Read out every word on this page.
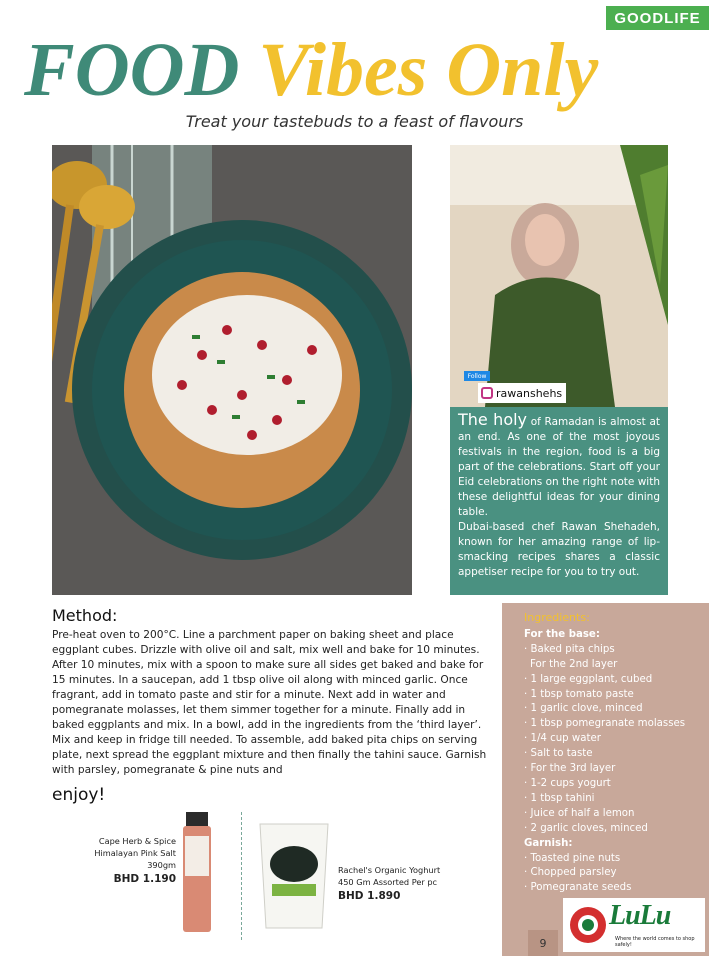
GOODLIFE
FOOD Vibes Only
Treat your tastebuds to a feast of flavours
Follow
rawanshehs

The holy of Ramadan is almost at an end. As one of the most joyous festivals in the region, food is a big part of the celebrations. Start off your Eid celebrations on the right note with these delightful ideas for your dining table.

Dubai-based chef Rawan Shehadeh, known for her amazing range of lip-smacking recipes shares a classic appetiser recipe for you to try out.

Method:
Pre-heat oven to 200°C. Line a parchment paper on baking sheet and place eggplant cubes. Drizzle with olive oil and salt, mix well and bake for 10 minutes. After 10 minutes, mix with a spoon to make sure all sides get baked and bake for 15 minutes. In a saucepan, add 1 tbsp olive oil along with minced garlic. Once fragrant, add in tomato paste and stir for a minute. Next add in water and pomegranate molasses, let them simmer together for a minute. Finally add in baked eggplants and mix. In a bowl, add in the ingredients from the ‘third layer’. Mix and keep in fridge till needed. To assemble, add baked pita chips on serving plate, next spread the eggplant mixture and then finally the tahini sauce. Garnish with parsley, pomegranate & pine nuts and
enjoy!
Cape Herb & Spice
Himalayan Pink Salt
390gm
BHD 1.190
Rachel's Organic Yoghurt
450 Gm Assorted Per pc
BHD 1.890
Ingredients:
For the base:
· Baked pita chips
For the 2nd layer
· 1 large eggplant, cubed
· 1 tbsp tomato paste
· 1 garlic clove, minced
· 1 tbsp pomegranate molasses
· 1/4 cup water
· Salt to taste
· For the 3rd layer
· 1-2 cups yogurt
· 1 tbsp tahini
· Juice of half a lemon
· 2 garlic cloves, minced
Garnish:
· Toasted pine nuts
· Chopped parsley
· Pomegranate seeds
9
LuLu
Where the world comes to shop safely!
